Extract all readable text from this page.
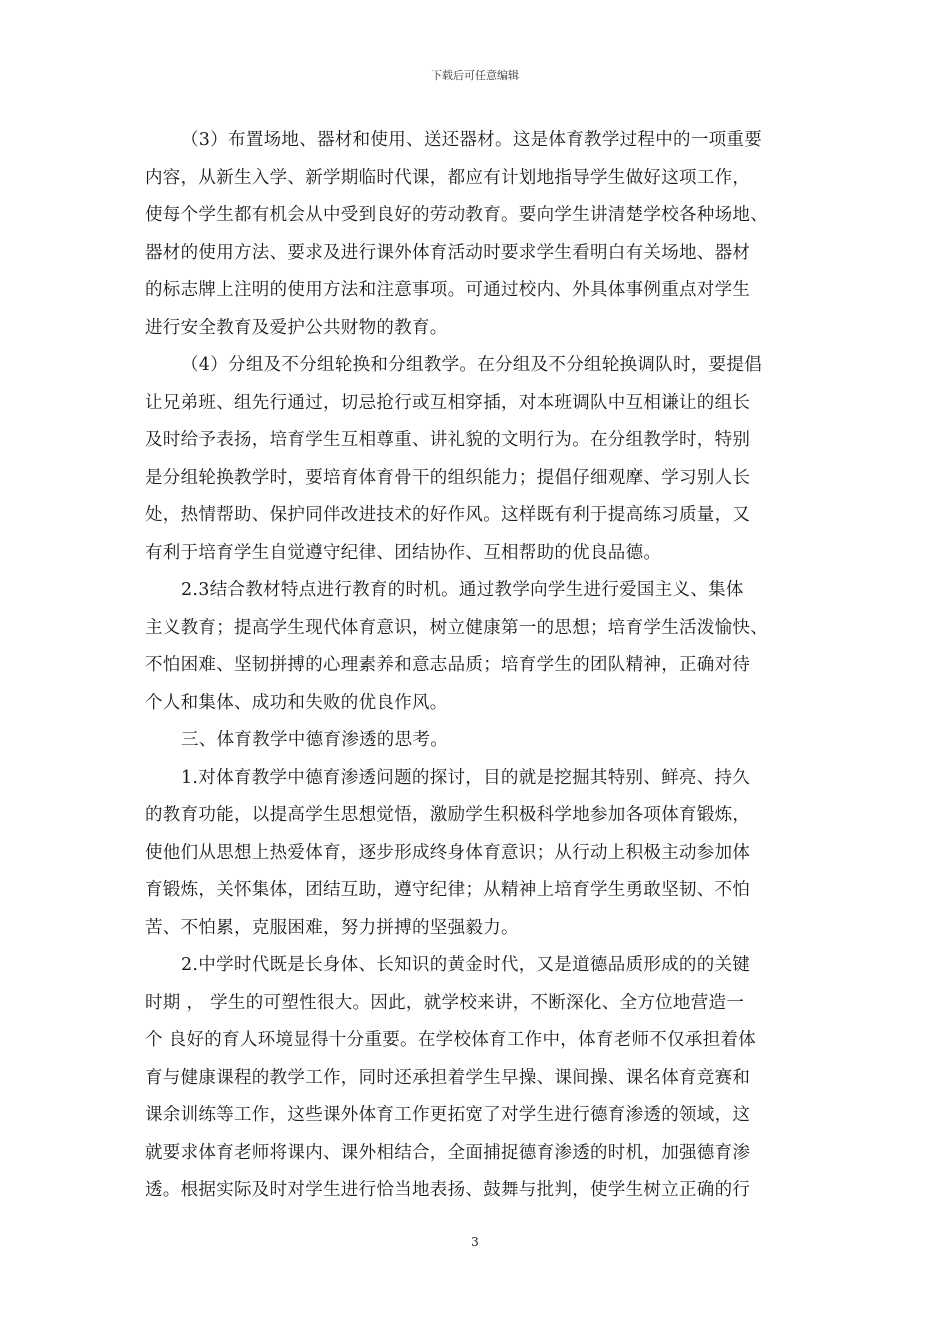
下载后可任意编辑
（3）布置场地、器材和使用、送还器材。这是体育教学过程中的一项重要
内容，从新生入学、新学期临时代课，都应有计划地指导学生做好这项工作，
使每个学生都有机会从中受到良好的劳动教育。要向学生讲清楚学校各种场地、
器材的使用方法、要求及进行课外体育活动时要求学生看明白有关场地、器材
的标志牌上注明的使用方法和注意事项。可通过校内、外具体事例重点对学生
进行安全教育及爱护公共财物的教育。
（4）分组及不分组轮换和分组教学。在分组及不分组轮换调队时，要提倡
让兄弟班、组先行通过，切忌抢行或互相穿插，对本班调队中互相谦让的组长
及时给予表扬，培育学生互相尊重、讲礼貌的文明行为。在分组教学时，特别
是分组轮换教学时，要培育体育骨干的组织能力；提倡仔细观摩、学习别人长
处，热情帮助、保护同伴改进技术的好作风。这样既有利于提高练习质量，又
有利于培育学生自觉遵守纪律、团结协作、互相帮助的优良品德。
2.3结合教材特点进行教育的时机。通过教学向学生进行爱国主义、集体
主义教育；提高学生现代体育意识，树立健康第一的思想；培育学生活泼愉快、
不怕困难、坚韧拼搏的心理素养和意志品质；培育学生的团队精神，正确对待
个人和集体、成功和失败的优良作风。
三、体育教学中德育渗透的思考。
1.对体育教学中德育渗透问题的探讨，目的就是挖掘其特别、鲜亮、持久
的教育功能，以提高学生思想觉悟，激励学生积极科学地参加各项体育锻炼，
使他们从思想上热爱体育，逐步形成终身体育意识；从行动上积极主动参加体
育锻炼，关怀集体，团结互助，遵守纪律；从精神上培育学生勇敢坚韧、不怕
苦、不怕累，克服困难，努力拼搏的坚强毅力。
2.中学时代既是长身体、长知识的黄金时代，又是道德品质形成的的关键
时期 ， 学生的可塑性很大。因此，就学校来讲，不断深化、全方位地营造一
个 良好的育人环境显得十分重要。在学校体育工作中，体育老师不仅承担着体
育与健康课程的教学工作，同时还承担着学生早操、课间操、课名体育竞赛和
课余训练等工作，这些课外体育工作更拓宽了对学生进行德育渗透的领域，这
就要求体育老师将课内、课外相结合，全面捕捉德育渗透的时机，加强德育渗
透。根据实际及时对学生进行恰当地表扬、鼓舞与批判，使学生树立正确的行
3
